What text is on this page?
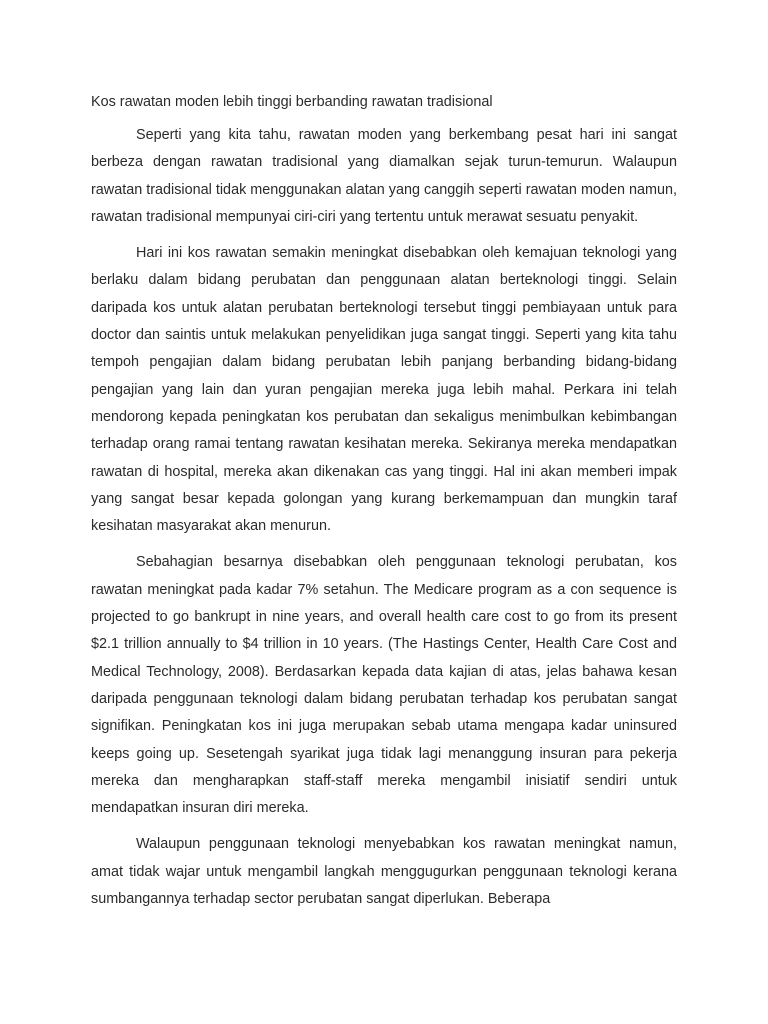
Kos rawatan moden lebih tinggi berbanding rawatan tradisional

Seperti yang kita tahu, rawatan moden yang berkembang pesat hari ini sangat berbeza dengan rawatan tradisional yang diamalkan sejak turun-temurun. Walaupun rawatan tradisional tidak menggunakan alatan yang canggih seperti rawatan moden namun, rawatan tradisional mempunyai ciri-ciri yang tertentu untuk merawat sesuatu penyakit.

Hari ini kos rawatan semakin meningkat disebabkan oleh kemajuan teknologi yang berlaku dalam bidang perubatan dan penggunaan alatan berteknologi tinggi. Selain daripada kos untuk alatan perubatan berteknologi tersebut tinggi pembiayaan untuk para doctor dan saintis untuk melakukan penyelidikan juga sangat tinggi. Seperti yang kita tahu tempoh pengajian dalam bidang perubatan lebih panjang berbanding bidang-bidang pengajian yang lain dan yuran pengajian mereka juga lebih mahal. Perkara ini telah mendorong kepada peningkatan kos perubatan dan sekaligus menimbulkan kebimbangan terhadap orang ramai tentang rawatan kesihatan mereka. Sekiranya mereka mendapatkan rawatan di hospital, mereka akan dikenakan cas yang tinggi. Hal ini akan memberi impak yang sangat besar kepada golongan yang kurang berkemampuan dan mungkin taraf kesihatan masyarakat akan menurun.

Sebahagian besarnya disebabkan oleh penggunaan teknologi perubatan, kos rawatan meningkat pada kadar 7% setahun. The Medicare program as a con sequence is projected to go bankrupt in nine years, and overall health care cost to go from its present $2.1 trillion annually to $4 trillion in 10 years. (The Hastings Center, Health Care Cost and Medical Technology, 2008). Berdasarkan kepada data kajian di atas, jelas bahawa kesan daripada penggunaan teknologi dalam bidang perubatan terhadap kos perubatan sangat signifikan. Peningkatan kos ini juga merupakan sebab utama mengapa kadar uninsured keeps going up. Sesetengah syarikat juga tidak lagi menanggung insuran para pekerja mereka dan mengharapkan staff-staff mereka mengambil inisiatif sendiri untuk mendapatkan insuran diri mereka.

Walaupun penggunaan teknologi menyebabkan kos rawatan meningkat namun, amat tidak wajar untuk mengambil langkah menggugurkan penggunaan teknologi kerana sumbangannya terhadap sector perubatan sangat diperlukan. Beberapa
